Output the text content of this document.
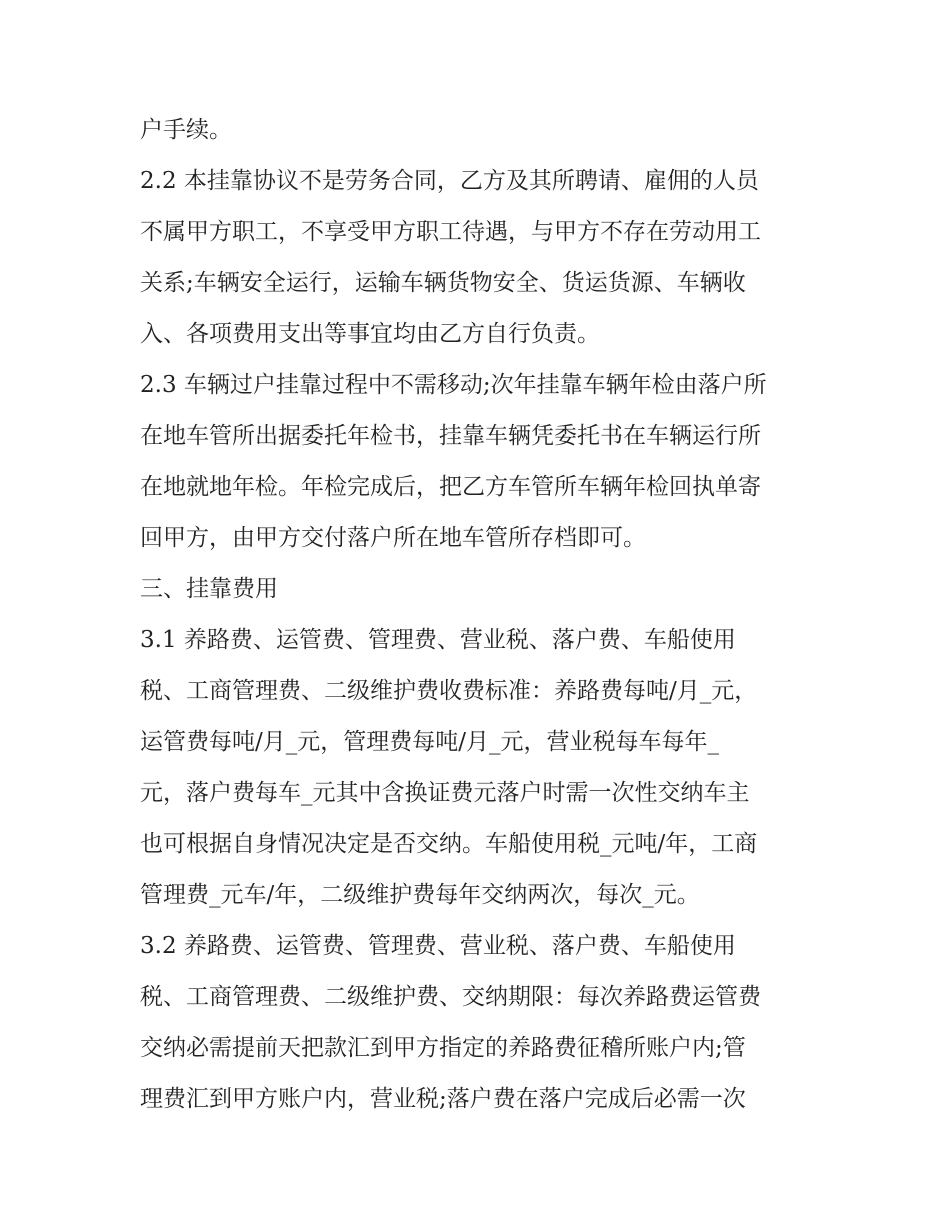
户手续。
2.2 本挂靠协议不是劳务合同，乙方及其所聘请、雇佣的人员
不属甲方职工，不享受甲方职工待遇，与甲方不存在劳动用工
关系;车辆安全运行，运输车辆货物安全、货运货源、车辆收
入、各项费用支出等事宜均由乙方自行负责。
2.3 车辆过户挂靠过程中不需移动;次年挂靠车辆年检由落户所
在地车管所出据委托年检书，挂靠车辆凭委托书在车辆运行所
在地就地年检。年检完成后，把乙方车管所车辆年检回执单寄
回甲方，由甲方交付落户所在地车管所存档即可。
三、挂靠费用
3.1 养路费、运管费、管理费、营业税、落户费、车船使用
税、工商管理费、二级维护费收费标准：养路费每吨/月_元，
运管费每吨/月_元，管理费每吨/月_元，营业税每车每年_
元，落户费每车_元其中含换证费元落户时需一次性交纳车主
也可根据自身情况决定是否交纳。车船使用税_元吨/年，工商
管理费_元车/年，二级维护费每年交纳两次，每次_元。
3.2 养路费、运管费、管理费、营业税、落户费、车船使用
税、工商管理费、二级维护费、交纳期限：每次养路费运管费
交纳必需提前天把款汇到甲方指定的养路费征稽所账户内;管
理费汇到甲方账户内，营业税;落户费在落户完成后必需一次
